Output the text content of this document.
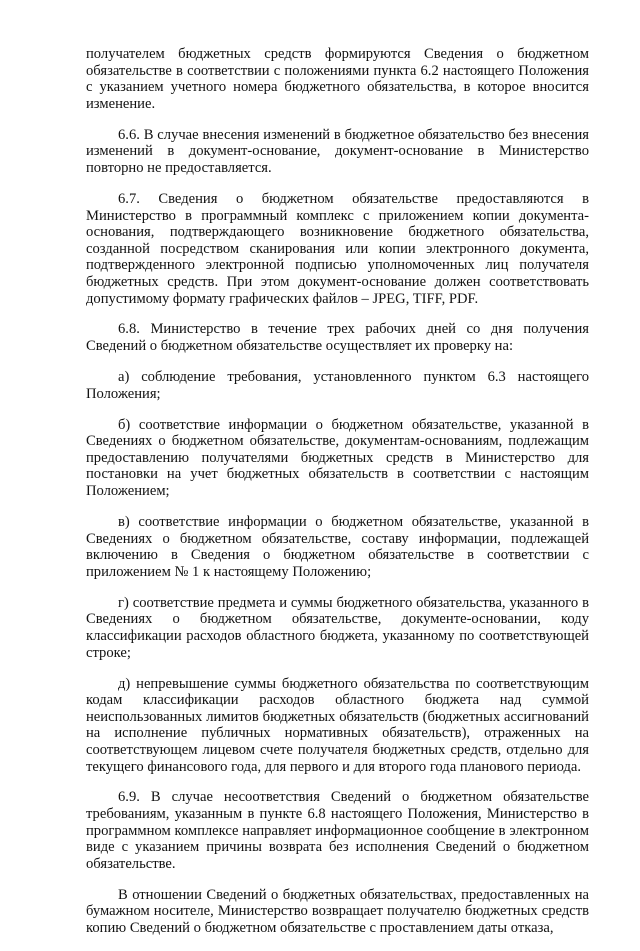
получателем бюджетных средств формируются Сведения о бюджетном обязательстве в соответствии с положениями пункта 6.2 настоящего Положения с указанием учетного номера бюджетного обязательства, в которое вносится изменение.

6.6. В случае внесения изменений в бюджетное обязательство без внесения изменений в документ-основание, документ-основание в Министерство повторно не предоставляется.

6.7. Сведения о бюджетном обязательстве предоставляются в Министерство в программный комплекс с приложением копии документа-основания, подтверждающего возникновение бюджетного обязательства, созданной посредством сканирования или копии электронного документа, подтвержденного электронной подписью уполномоченных лиц получателя бюджетных средств. При этом документ-основание должен соответствовать допустимому формату графических файлов – JPEG, TIFF, PDF.

6.8. Министерство в течение трех рабочих дней со дня получения Сведений о бюджетном обязательстве осуществляет их проверку на:

а) соблюдение требования, установленного пунктом 6.3 настоящего Положения;

б) соответствие информации о бюджетном обязательстве, указанной в Сведениях о бюджетном обязательстве, документам-основаниям, подлежащим предоставлению получателями бюджетных средств в Министерство для постановки на учет бюджетных обязательств в соответствии с настоящим Положением;

в) соответствие информации о бюджетном обязательстве, указанной в Сведениях о бюджетном обязательстве, составу информации, подлежащей включению в Сведения о бюджетном обязательстве в соответствии с приложением № 1 к настоящему Положению;

г) соответствие предмета и суммы бюджетного обязательства, указанного в Сведениях о бюджетном обязательстве, документе-основании, коду классификации расходов областного бюджета, указанному по соответствующей строке;

д) непревышение суммы бюджетного обязательства по соответствующим кодам классификации расходов областного бюджета над суммой неиспользованных лимитов бюджетных обязательств (бюджетных ассигнований на исполнение публичных нормативных обязательств), отраженных на соответствующем лицевом счете получателя бюджетных средств, отдельно для текущего финансового года, для первого и для второго года планового периода.

6.9. В случае несоответствия Сведений о бюджетном обязательстве требованиям, указанным в пункте 6.8 настоящего Положения, Министерство в программном комплексе направляет информационное сообщение в электронном виде с указанием причины возврата без исполнения Сведений о бюджетном обязательстве.

В отношении Сведений о бюджетных обязательствах, предоставленных на бумажном носителе, Министерство возвращает получателю бюджетных средств копию Сведений о бюджетном обязательстве с проставлением даты отказа,
